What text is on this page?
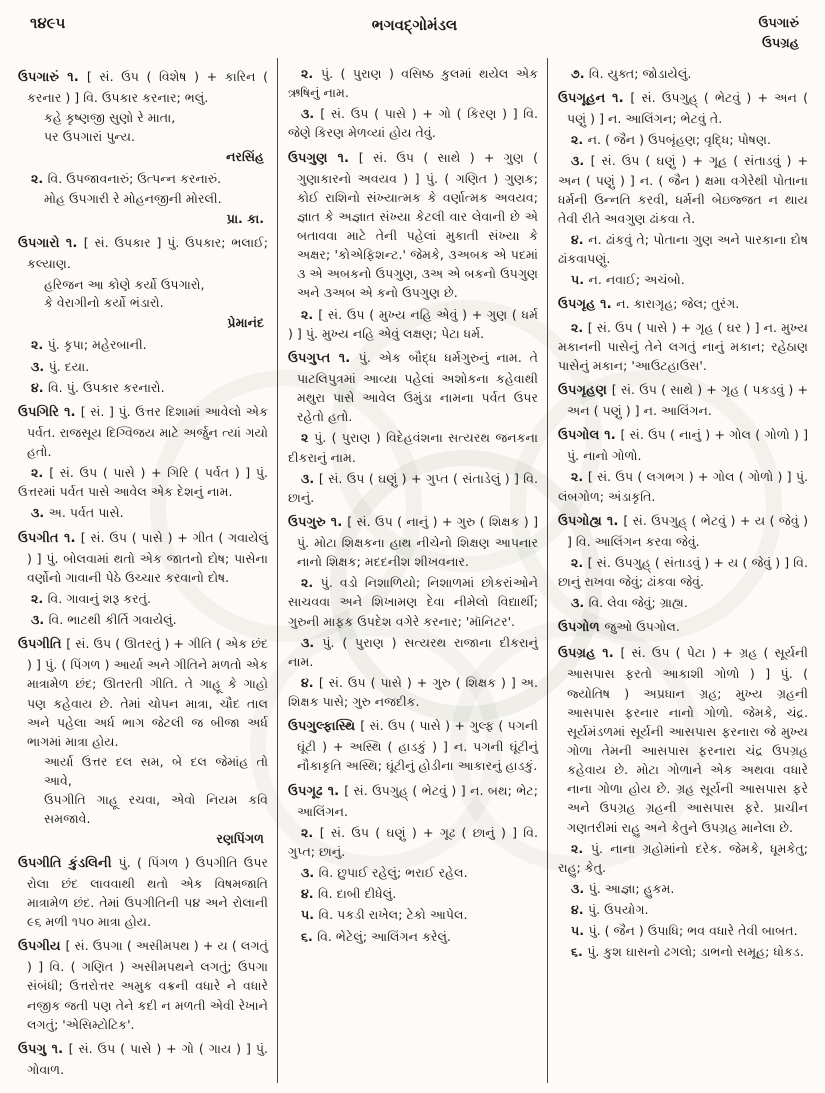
૧૪૯૫	ભગવદ્ગોમંડલ	ઉપગારું
ઉપગ્રહ

ઉપગારું ૧. [ સં. ઉપ ( વિશેષ ) + કારિન ( કરનાર ) ] વિ. ઉપકાર કરનાર; ભલું.

કહે કૃષ્ણજી સુણો રે માતા,
પર ઉપગારાં પુન્ય.
નરસિંહ

૨. વિ. ઉપજાવનારું; ઉત્પન્ન કરનારું.

મોહ ઉપગારી રે મોહનજીની મોરલી.
પ્રા. કા.

ઉપગારો ૧. [ સં. ઉપકાર ] પું. ઉપકાર; ભલાઈ; કલ્યાણ.

હરિજન આ કોણે કર્યો ઉપગારો,
કે વેરાગીનો કર્યો ભંડારો.
પ્રેમાનંદ

૨. પું. કૃપા; મહેરબાની.

૩. પું. દયા.

૪. વિ. પું. ઉપકાર કરનારો.

ઉપગિરિ ૧. [ સં. ] પું. ઉત્તર દિશામાં આવેલો એક પર્વત. રાજસૂય દિગ્વિજય માટે અર્જુન ત્યાં ગયો હતો.

૨. [ સં. ઉપ ( પાસે ) + ગિરિ ( પર્વત ) ] પું. ઉત્તરમાં પર્વત પાસે આવેલ એક દેશનું નામ.

૩. અ. પર્વત પાસે.

ઉપગીત ૧. [ સં. ઉપ ( પાસે ) + ગીત ( ગવાયેલું ) ] પું. બોલવામાં થતો એક જાતનો દોષ; પાસેના વર્ણોનો ગાવાની પેઠે ઉચ્ચાર કરવાનો દોષ.

૨. વિ. ગાવાનું શરૂ કરતું.

૩. વિ. ભાટથી કીર્તિ ગવાયેલું.

ઉપગીતિ [ સં. ઉપ ( ઊતરતું ) + ગીતિ ( એક છંદ ) ] પું. ( પિંગળ ) આર્યા અને ગીતિને મળતો એક માત્રામેળ છંદ; ઊતરતી ગીતિ. તે ગાહૂ કે ગાહો પણ કહેવાય છે. તેમાં ચોપન માત્રા, ચૌદ તાલ અને પહેલા અર્ધ ભાગ જેટલી જ બીજા અર્ધ ભાગમાં માત્રા હોય.

આર્યા ઉત્તર દલ સમ, બે દલ જેમાંહ તો આવે,
ઉપગીતિ ગાહૂ રચવા, એવો નિયમ કવિ સમજાવે.
રણપિંગળ

ઉપગીતિ કુંડલિની પું. ( પિંગળ ) ઉપગીતિ ઉપર રોલા છંદ લાવવાથી થતો એક વિષમજાતિ માત્રામેળ છંદ. તેમાં ઉપગીતિની ૫૪ અને રોલાની ૯૬ મળી ૧૫૦ માત્રા હોય.

ઉપગીય [ સં. ઉપગા ( અસીમપથ ) + ય ( લગતું ) ] વિ. ( ગણિત ) અસીમપથને લગતું; ઉપગા સંબંધી; ઉત્તરોત્તર અમુક વક્રની વધારે ને વધારે નજીક જતી પણ તેને કદી ન મળતી એવી રેખાને લગતું; 'એસિમ્ટોટિક'.

ઉપગુ ૧. [ સં. ઉપ ( પાસે ) + ગો ( ગાય ) ] પું. ગોવાળ.

૨. પું. ( પુરાણ ) વસિષ્ઠ કુલમાં થયેલ એક ઋષિનું નામ.

૩. [ સં. ઉપ ( પાસે ) + ગો ( કિરણ ) ] વિ. જેણે કિરણ મેળવ્યાં હોય તેવું.

ઉપગુણ ૧. [ સં. ઉપ ( સાથે ) + ગુણ ( ગુણાકારનો અવયવ ) ] પું. ( ગણિત ) ગુણક; કોઈ રાશિનો સંખ્યાત્મક કે વર્ણાત્મક અવયવ; જ્ઞાત કે અજ્ઞાત સંખ્યા કેટલી વાર લેવાની છે એ બતાવવા માટે તેની પહેલાં મુકાતી સંખ્યા કે અક્ષર; 'કોએફિશન્ટ.' જેમકે, ૩અબક એ પદમાં ૩ એ અબકનો ઉપગુણ, ૩અ એ બકનો ઉપગુણ અને ૩અબ એ કનો ઉપગુણ છે.

૨. [ સં. ઉપ ( મુખ્ય નહિ એવું ) + ગુણ ( ધર્મ ) ] પું. મુખ્ય નહિ એવું લક્ષણ; પેટા ધર્મ.

ઉપગુપ્ત ૧. પું. એક બૌદ્ધ ધર્મગુરુનું નામ. તે પાટલિપુત્રમાં આવ્યા પહેલાં અશોકના કહેવાથી મથુરા પાસે આવેલ ઉમુંડા નામના પર્વત ઉપર રહેતો હતો.

૨ પું. ( પુરાણ ) વિદેહવંશના સત્યરથ જનકના દીકરાનું નામ.

૩. [ સં. ઉપ ( ઘણું ) + ગુપ્ત ( સંતાડેલું ) ] વિ. છાનું.

ઉપગુરુ ૧. [ સં. ઉપ ( નાનું ) + ગુરુ ( શિક્ષક ) ] પું. મોટા શિક્ષકના હાથ નીચેનો શિક્ષણ આપનાર નાનો શિક્ષક; મદદનીશ શીખવનાર.

૨. પું. વડો નિશાળિયો; નિશાળમાં છોકરાંઓને સાચવવા અને શિખામણ દેવા નીમેલો વિદ્યાર્થી; ગુરુની માફક ઉપદેશ વગેરે કરનાર; 'મૉનિટર'.

૩. પું. ( પુરાણ ) સત્યરથ રાજાના દીકરાનું નામ.

૪. [ સં. ઉપ ( પાસે ) + ગુરુ ( શિક્ષક ) ] અ. શિક્ષક પાસે; ગુરુ નજદીક.

ઉપગુલ્ફાસ્થિ [ સં. ઉપ ( પાસે ) + ગુલ્ફ ( પગની ઘૂંટી ) + અસ્થિ ( હાડકું ) ] ન. પગની ઘૂંટીનું નૌકાકૃતિ અસ્થિ; ઘૂંટીનું હોડીના આકારનું હાડકું.

ઉપગૂઢ ૧. [ સં. ઉપગુહ્ ( ભેટવું ) ] ન. બથ; ભેટ; આલિંગન.

૨. [ સં. ઉપ ( ઘણું ) + ગૂઢ ( છાનું ) ] વિ. ગુપ્ત; છાનું.

૩. વિ. છુપાઈ રહેલું; ભરાઈ રહેલ.

૪. વિ. દાબી દીધેલું.

૫. વિ. પકડી રાખેલ; ટેકો આપેલ.

૬. વિ. ભેટેલું; આલિંગન કરેલું.

૭. વિ. યુક્ત; જોડાયેલું.

ઉપગૂહન ૧. [ સં. ઉપગુહ્ ( ભેટવું ) + અન ( પણું ) ] ન. આલિંગન; ભેટવું તે.

૨. ન. ( જૈન ) ઉપબૃંહણ; વૃદ્ધિ; પોષણ.

૩. [ સં. ઉપ ( ઘણું ) + ગૂહ ( સંતાડવું ) + અન ( પણું ) ] ન. ( જૈન ) ક્ષમા વગેરેથી પોતાના ધર્મની ઉન્નતિ કરવી, ધર્મની બેઇજ્જત ન થાય તેવી રીતે અવગુણ ઢાંકવા તે.

૪. ન. ઢાંકવું તે; પોતાના ગુણ અને પારકાના દોષ ઢાંકવાપણું.

૫. ન. નવાઈ; અચંબો.

ઉપગૃહ ૧. ન. કારાગૃહ; જેલ; તુરંગ.

૨. [ સં. ઉપ ( પાસે ) + ગૃહ ( ઘર ) ] ન. મુખ્ય મકાનની પાસેનું તેને લગતું નાનું મકાન; રહેઠાણ પાસેનું મકાન; 'આઉટહાઉસ'.

ઉપગૃહણ [ સં. ઉપ ( સાથે ) + ગૃહ ( પકડવું ) + અન ( પણું ) ] ન. આલિંગન.

ઉપગોલ ૧. [ સં. ઉપ ( નાનું ) + ગોલ ( ગોળો ) ] પું. નાનો ગોળો.

૨. [ સં. ઉપ ( લગભગ ) + ગોલ ( ગોળો ) ] પું. લંબગોળ; અંડાકૃતિ.

ઉપગોહ્ય ૧. [ સં. ઉપગુહ્ ( ભેટવું ) + ય ( જેવું ) ] વિ. આલિંગન કરવા જેવું.

૨. [ સં. ઉપગુહ્ ( સંતાડવું ) + ય ( જેવું ) ] વિ. છાનું રાખવા જેવું; ઢાંકવા જેવું.

૩. વિ. લેવા જેવું; ગ્રાહ્ય.

ઉપગોળ જુઓ ઉપગોલ.

ઉપગ્રહ ૧. [ સં. ઉપ ( પેટા ) + ગ્રહ ( સૂર્યની આસપાસ ફરતો આકાશી ગોળો ) ] પું. ( જ્યોતિષ ) અપ્રધાન ગ્રહ; મુખ્ય ગ્રહની આસપાસ ફરનાર નાનો ગોળો. જેમકે, ચંદ્ર. સૂર્યમંડળમાં સૂર્યની આસપાસ ફરનારા જે મુખ્ય ગોળા તેમની આસપાસ ફરનારા ચંદ્ર ઉપગ્રહ કહેવાય છે. મોટા ગોળાને એક અથવા વધારે નાના ગોળા હોય છે. ગ્રહ સૂર્યની આસપાસ ફરે અને ઉપગ્રહ ગ્રહની આસપાસ ફરે. પ્રાચીન ગણતરીમાં રાહુ અને કેતુને ઉપગ્રહ માનેલા છે.

૨. પું. નાના ગ્રહોમાંનો દરેક. જેમકે, ધૂમકેતુ; રાહુ; કેતુ.

૩. પું. આજ્ઞા; હુકમ.

૪. પું. ઉપયોગ.

૫. પું. ( જૈન ) ઉપાધિ; ભવ વધારે તેવી બાબત.

૬. પું. કુશ ઘાસનો ઢગલો; ડાભનો સમૂહ; ધોકડ.
